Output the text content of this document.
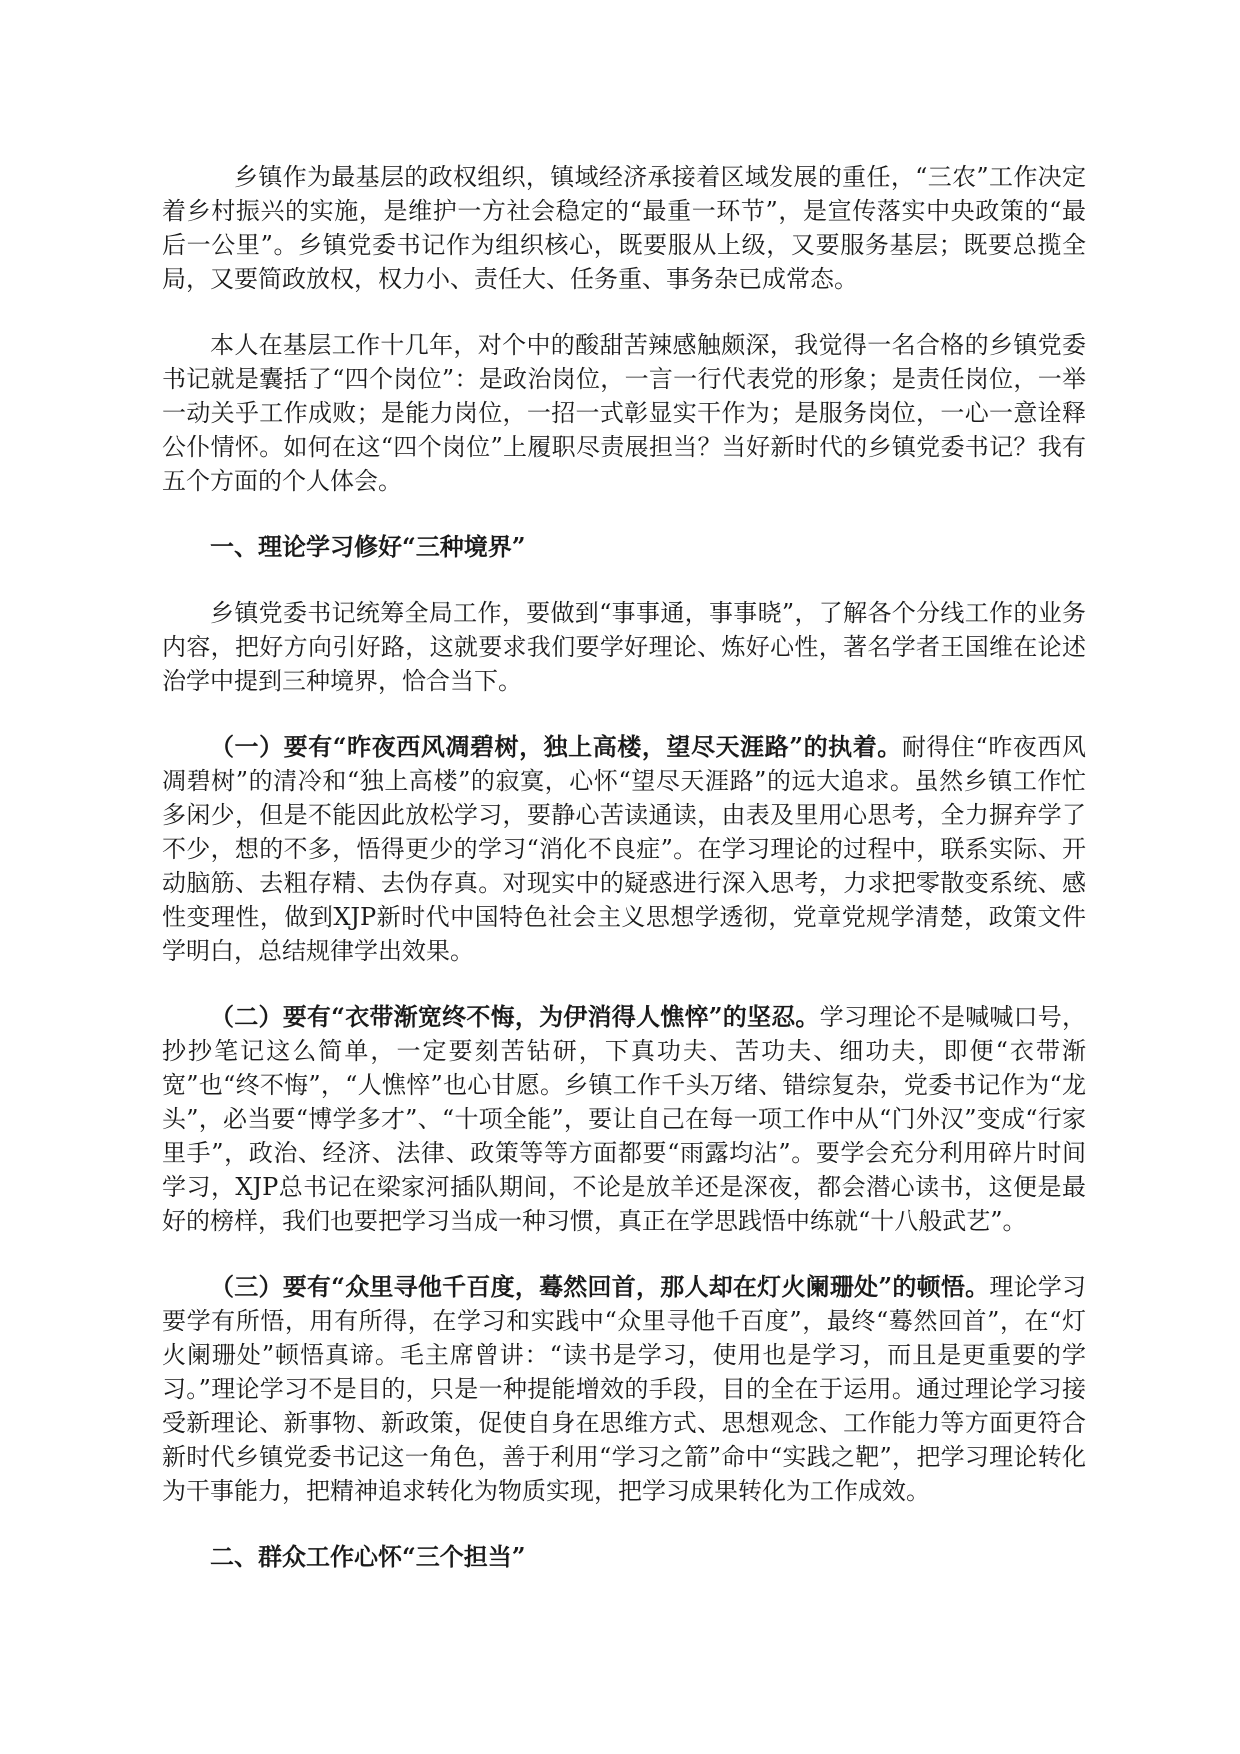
乡镇作为最基层的政权组织，镇域经济承接着区域发展的重任，“三农”工作决定着乡村振兴的实施，是维护一方社会稳定的“最重一环节”，是宣传落实中央政策的“最后一公里”。乡镇党委书记作为组织核心，既要服从上级，又要服务基层；既要总揽全局，又要简政放权，权力小、责任大、任务重、事务杂已成常态。

本人在基层工作十几年，对个中的酸甜苦辣感触颇深，我觉得一名合格的乡镇党委书记就是囊括了“四个岗位”：是政治岗位，一言一行代表党的形象；是责任岗位，一举一动关乎工作成败；是能力岗位，一招一式彰显实干作为；是服务岗位，一心一意诠释公仆情怀。如何在这“四个岗位”上履职尽责展担当？当好新时代的乡镇党委书记？我有五个方面的个人体会。

一、理论学习修好“三种境界”

乡镇党委书记统筹全局工作，要做到“事事通，事事晓”，了解各个分线工作的业务内容，把好方向引好路，这就要求我们要学好理论、炼好心性，著名学者王国维在论述治学中提到三种境界，恰合当下。

（一）要有“昨夜西风凋碧树，独上高楼，望尽天涯路”的执着。耐得住“昨夜西风凋碧树”的清冷和“独上高楼”的寂寞，心怀“望尽天涯路”的远大追求。虽然乡镇工作忙多闲少，但是不能因此放松学习，要静心苦读通读，由表及里用心思考，全力摒弃学了不少，想的不多，悟得更少的学习“消化不良症”。在学习理论的过程中，联系实际、开动脑筋、去粗存精、去伪存真。对现实中的疑惑进行深入思考，力求把零散变系统、感性变理性，做到XJP新时代中国特色社会主义思想学透彻，党章党规学清楚，政策文件学明白，总结规律学出效果。

（二）要有“衣带渐宽终不悔，为伊消得人憔悴”的坚忍。学习理论不是喊喊口号，抄抄笔记这么简单，一定要刻苦钻研，下真功夫、苦功夫、细功夫，即便“衣带渐宽”也“终不悔”，“人憔悴”也心甘愿。乡镇工作千头万绪、错综复杂，党委书记作为“龙头”，必当要“博学多才”、“十项全能”，要让自己在每一项工作中从“门外汉”变成“行家里手”，政治、经济、法律、政策等等方面都要“雨露均沾”。要学会充分利用碎片时间学习，XJP总书记在梁家河插队期间，不论是放羊还是深夜，都会潜心读书，这便是最好的榜样，我们也要把学习当成一种习惯，真正在学思践悟中练就“十八般武艺”。

（三）要有“众里寻他千百度，蓦然回首，那人却在灯火阑珊处”的顿悟。理论学习要学有所悟，用有所得，在学习和实践中“众里寻他千百度”，最终“蓦然回首”，在“灯火阑珊处”顿悟真谛。毛主席曾讲：“读书是学习，使用也是学习，而且是更重要的学习。”理论学习不是目的，只是一种提能增效的手段，目的全在于运用。通过理论学习接受新理论、新事物、新政策，促使自身在思维方式、思想观念、工作能力等方面更符合新时代乡镇党委书记这一角色，善于利用“学习之箭”命中“实践之靶”，把学习理论转化为干事能力，把精神追求转化为物质实现，把学习成果转化为工作成效。

二、群众工作心怀“三个担当”
